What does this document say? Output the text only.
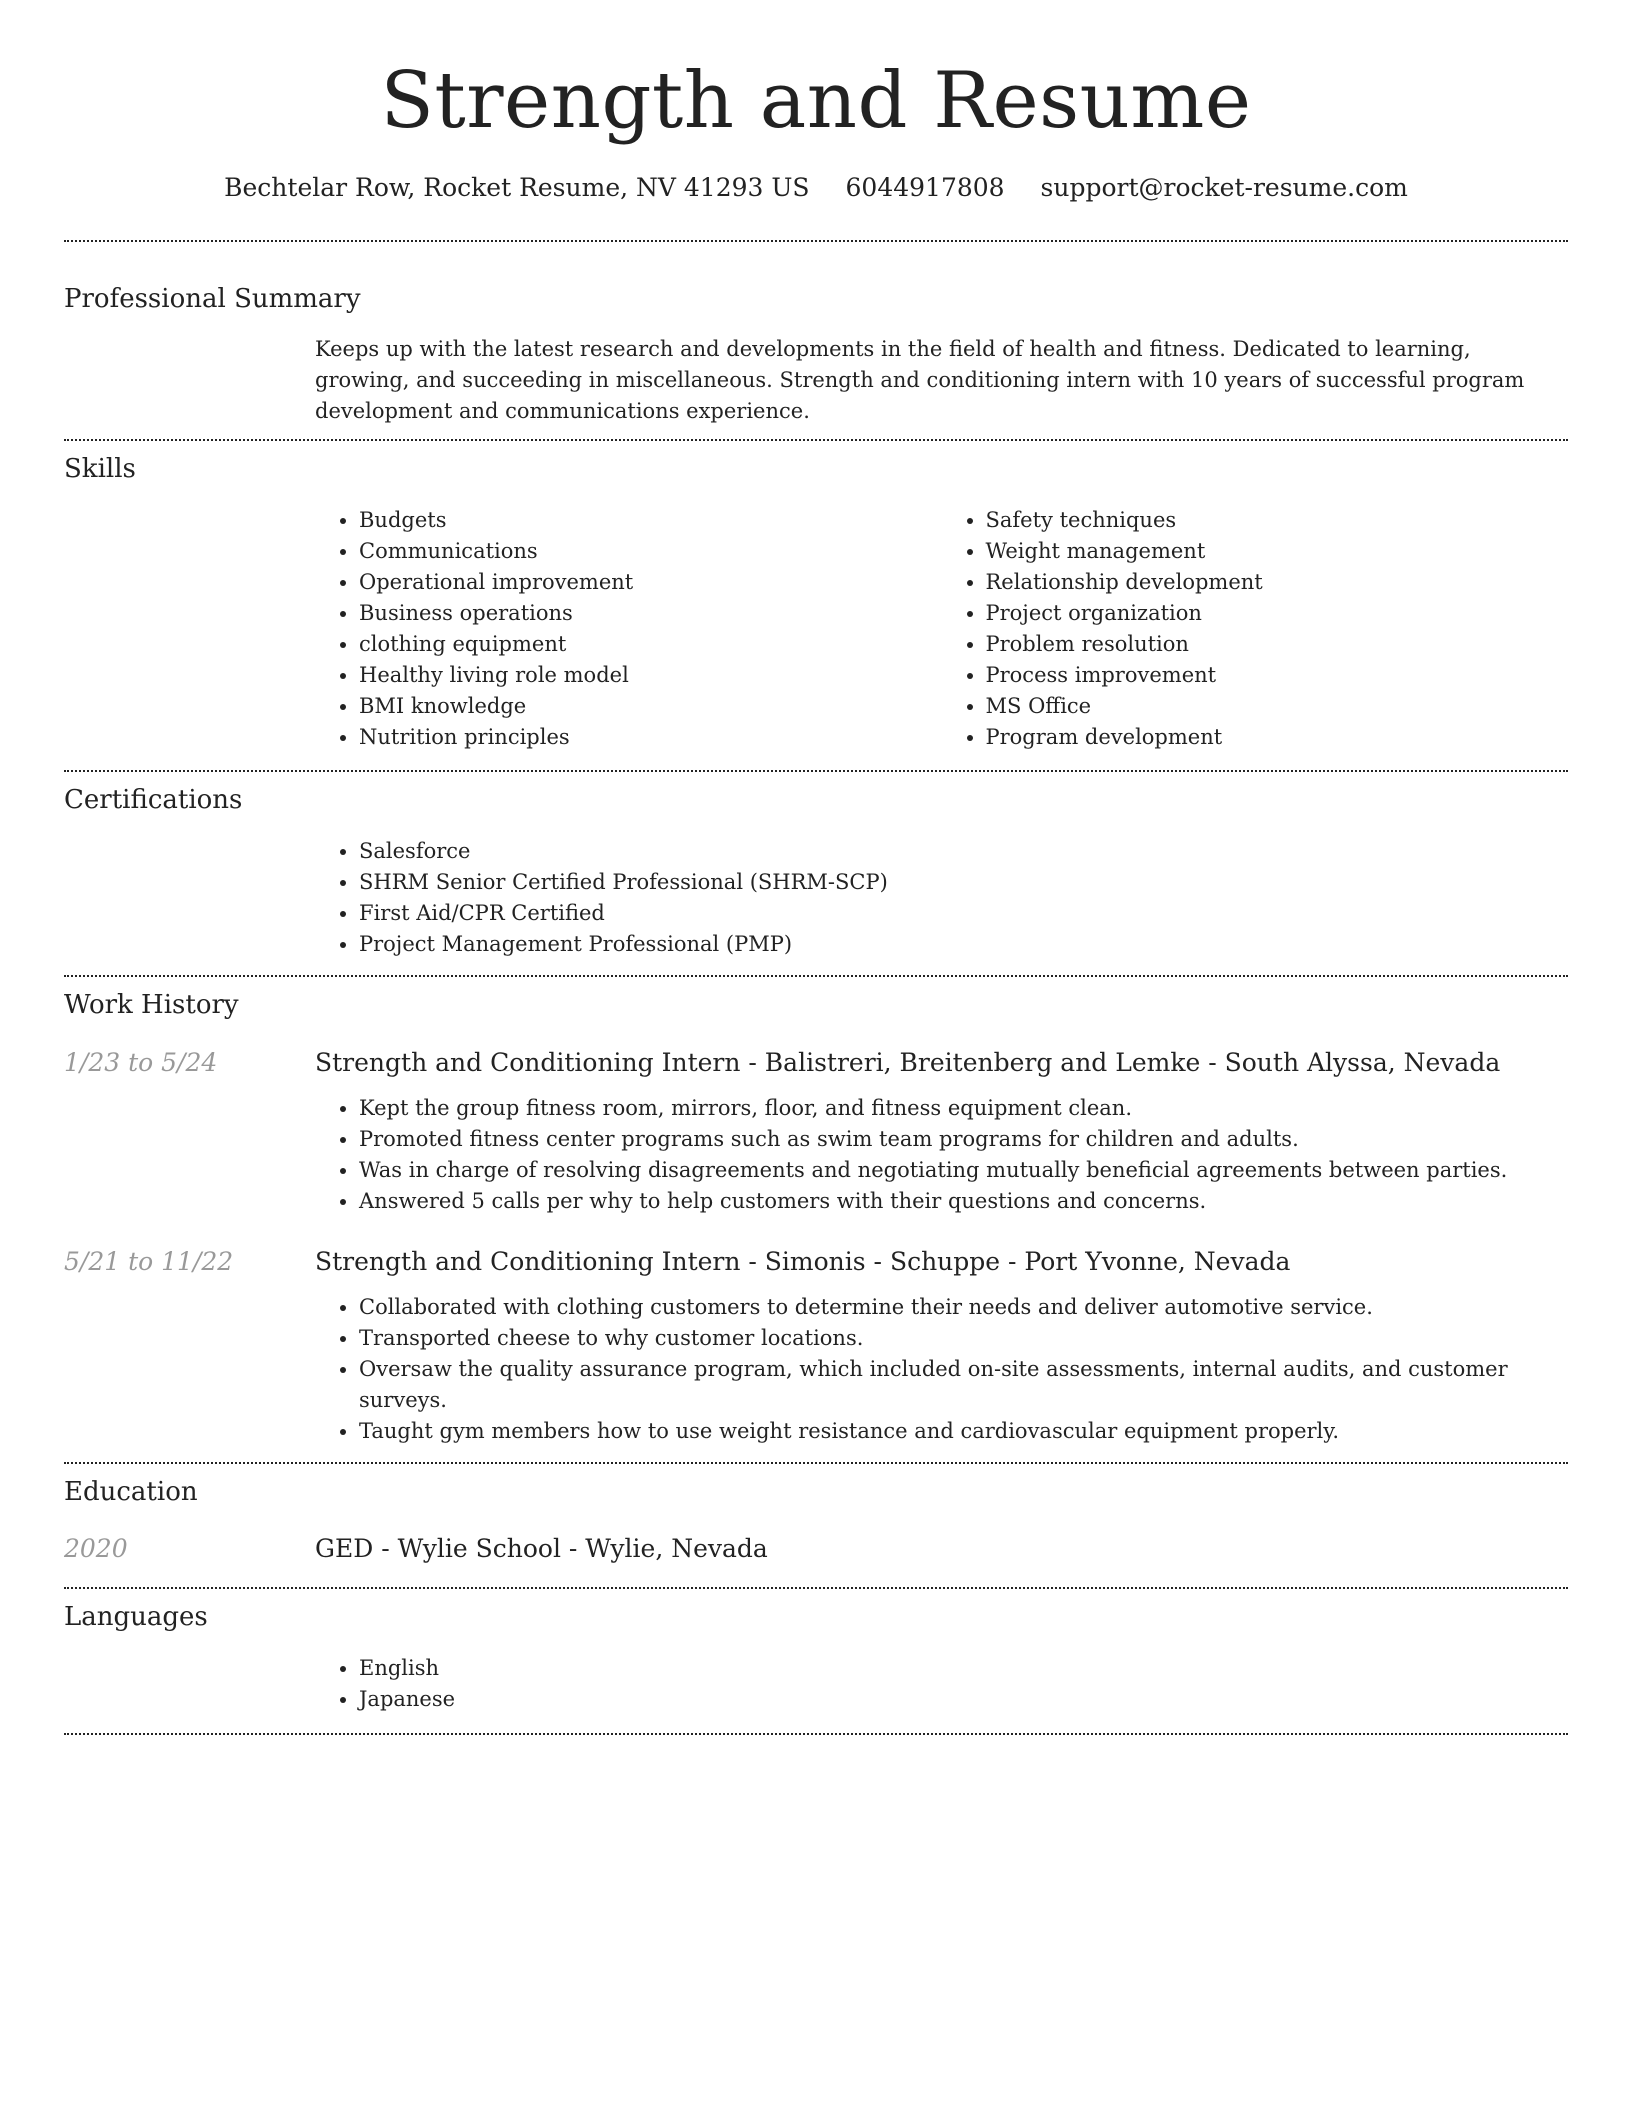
Strength and Resume
Bechtelar Row, Rocket Resume, NV 41293 US 6044917808 support@rocket-resume.com
Professional Summary

Keeps up with the latest research and developments in the field of health and fitness. Dedicated to learning, growing, and succeeding in miscellaneous. Strength and conditioning intern with 10 years of successful program development and communications experience.

Skills
• Budgets
• Communications
• Operational improvement
• Business operations
• clothing equipment
• Healthy living role model
• BMI knowledge
• Nutrition principles
• Safety techniques
• Weight management
• Relationship development
• Project organization
• Problem resolution
• Process improvement
• MS Office
• Program development
Certifications
• Salesforce
• SHRM Senior Certified Professional (SHRM-SCP)
• First Aid/CPR Certified
• Project Management Professional (PMP)
Work History
1/23 to 5/24	Strength and Conditioning Intern - Balistreri, Breitenberg and Lemke - South Alyssa, Nevada
• Kept the group fitness room, mirrors, floor, and fitness equipment clean.
• Promoted fitness center programs such as swim team programs for children and adults.
• Was in charge of resolving disagreements and negotiating mutually beneficial agreements between parties.
• Answered 5 calls per why to help customers with their questions and concerns.
5/21 to 11/22	Strength and Conditioning Intern - Simonis - Schuppe - Port Yvonne, Nevada
• Collaborated with clothing customers to determine their needs and deliver automotive service.
• Transported cheese to why customer locations.
• Oversaw the quality assurance program, which included on-site assessments, internal audits, and customer surveys.
• Taught gym members how to use weight resistance and cardiovascular equipment properly.
Education
2020	GED - Wylie School - Wylie, Nevada
Languages
• English
• Japanese
